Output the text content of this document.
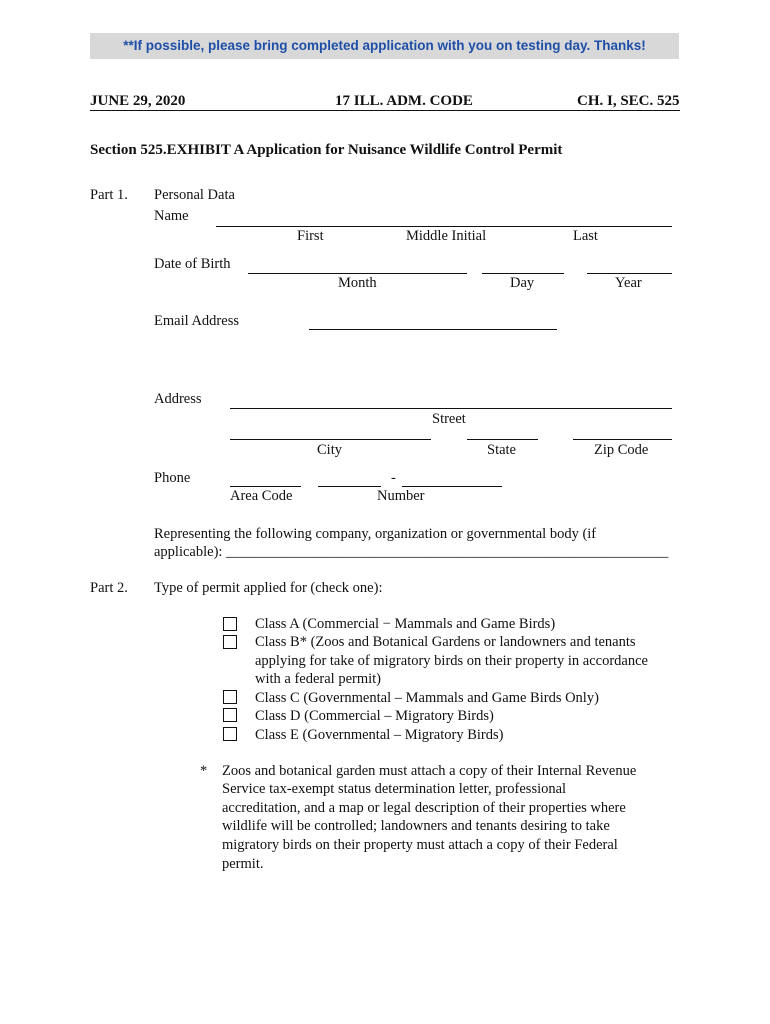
**If possible, please bring completed application with you on testing day. Thanks!
JUNE 29, 2020	17 ILL. ADM. CODE	CH. I, SEC. 525
Section 525.EXHIBIT A Application for Nuisance Wildlife Control Permit
Part 1. Personal Data
Name
First	Middle Initial	Last
Date of Birth
Month	Day	Year
Email Address
Address
Street
City	State	Zip Code
Phone	-
Area Code	Number
Representing the following company, organization or governmental body (if
applicable): _____________________________________________________________
Part 2. Type of permit applied for (check one):
Class A (Commercial − Mammals and Game Birds)
Class B* (Zoos and Botanical Gardens or landowners and tenants
applying for take of migratory birds on their property in accordance
with a federal permit)
Class C (Governmental – Mammals and Game Birds Only)
Class D (Commercial – Migratory Birds)
Class E (Governmental – Migratory Birds)
* Zoos and botanical garden must attach a copy of their Internal Revenue
Service tax-exempt status determination letter, professional
accreditation, and a map or legal description of their properties where
wildlife will be controlled; landowners and tenants desiring to take
migratory birds on their property must attach a copy of their Federal
permit.
